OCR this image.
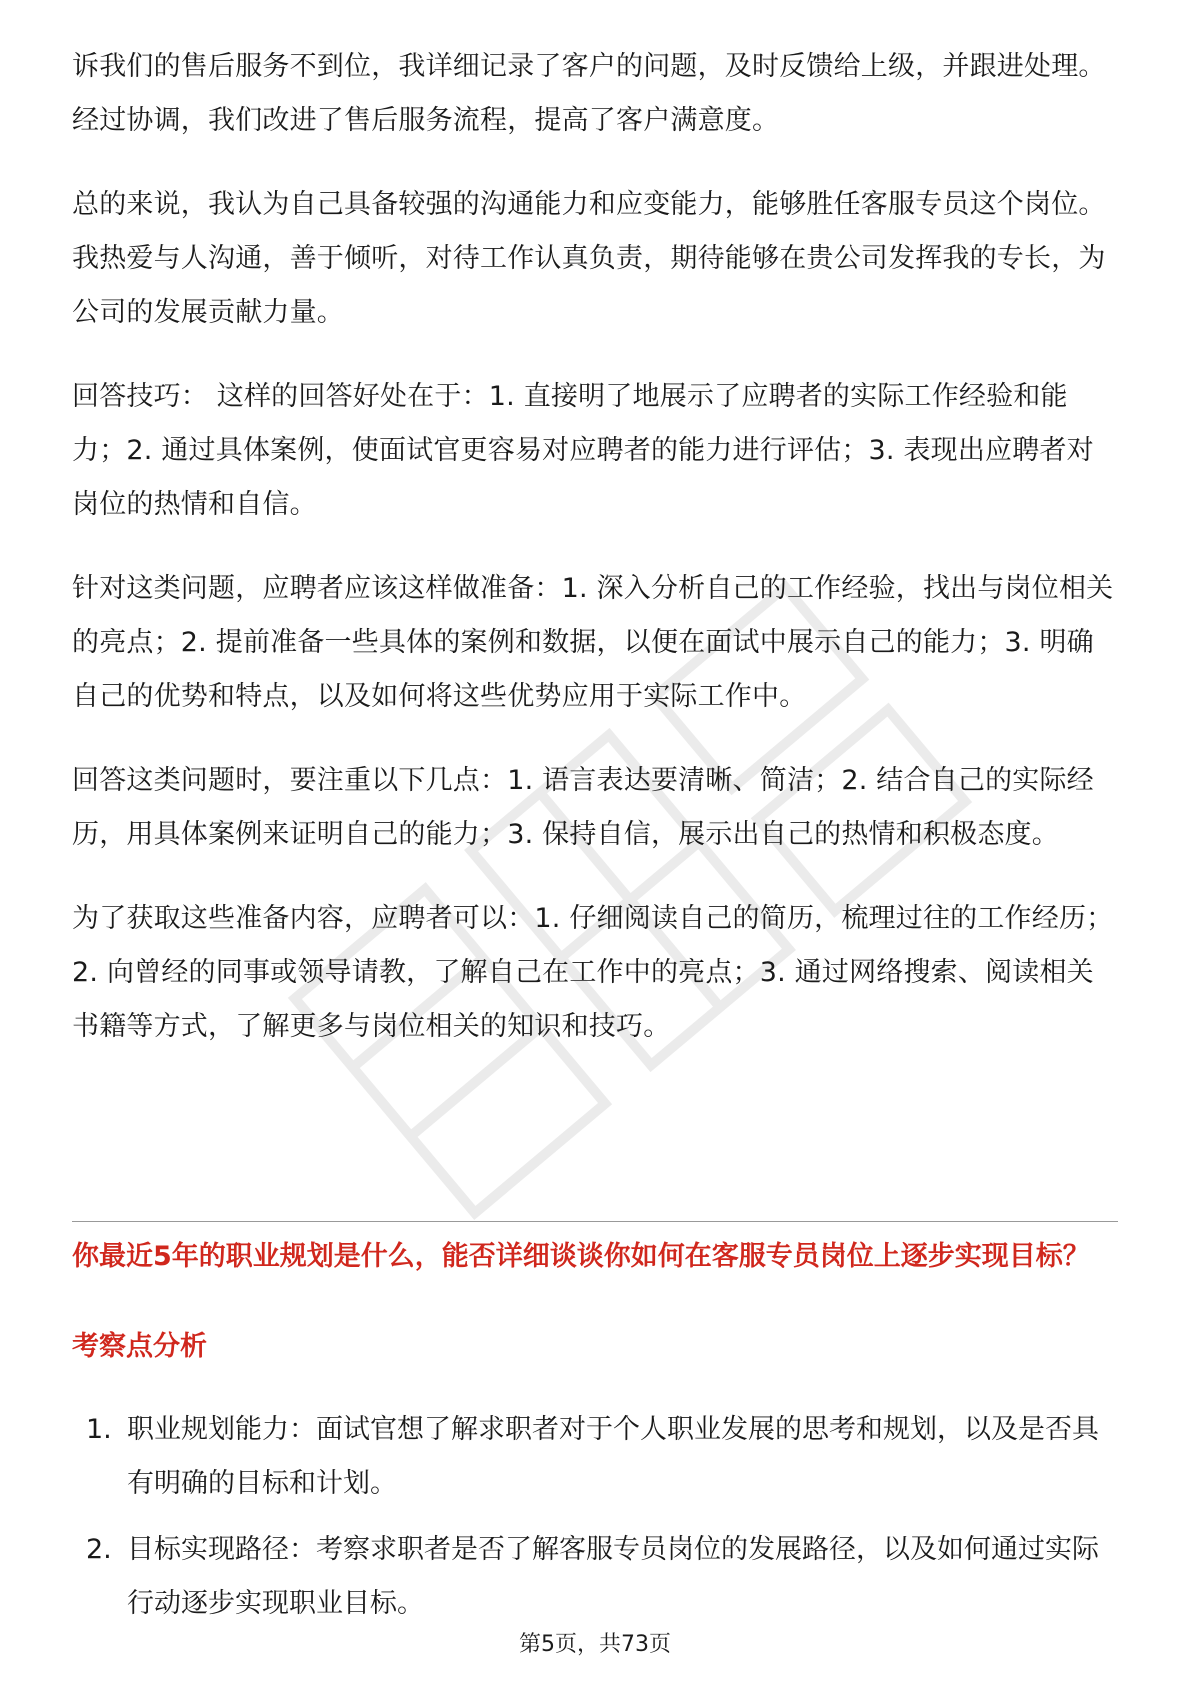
诉我们的售后服务不到位，我详细记录了客户的问题，及时反馈给上级，并跟进处理。经过协调，我们改进了售后服务流程，提高了客户满意度。

总的来说，我认为自己具备较强的沟通能力和应变能力，能够胜任客服专员这个岗位。我热爱与人沟通，善于倾听，对待工作认真负责，期待能够在贵公司发挥我的专长，为公司的发展贡献力量。

回答技巧： 这样的回答好处在于：1. 直接明了地展示了应聘者的实际工作经验和能力；2. 通过具体案例，使面试官更容易对应聘者的能力进行评估；3. 表现出应聘者对岗位的热情和自信。

针对这类问题，应聘者应该这样做准备：1. 深入分析自己的工作经验，找出与岗位相关的亮点；2. 提前准备一些具体的案例和数据，以便在面试中展示自己的能力；3. 明确自己的优势和特点，以及如何将这些优势应用于实际工作中。

回答这类问题时，要注重以下几点：1. 语言表达要清晰、简洁；2. 结合自己的实际经历，用具体案例来证明自己的能力；3. 保持自信，展示出自己的热情和积极态度。

为了获取这些准备内容，应聘者可以：1. 仔细阅读自己的简历，梳理过往的工作经历；2. 向曾经的同事或领导请教，了解自己在工作中的亮点；3. 通过网络搜索、阅读相关书籍等方式，了解更多与岗位相关的知识和技巧。

你最近5年的职业规划是什么，能否详细谈谈你如何在客服专员岗位上逐步实现目标？
考察点分析
1. 职业规划能力：面试官想了解求职者对于个人职业发展的思考和规划，以及是否具有明确的目标和计划。
2. 目标实现路径：考察求职者是否了解客服专员岗位的发展路径，以及如何通过实际行动逐步实现职业目标。
第5页，共73页
